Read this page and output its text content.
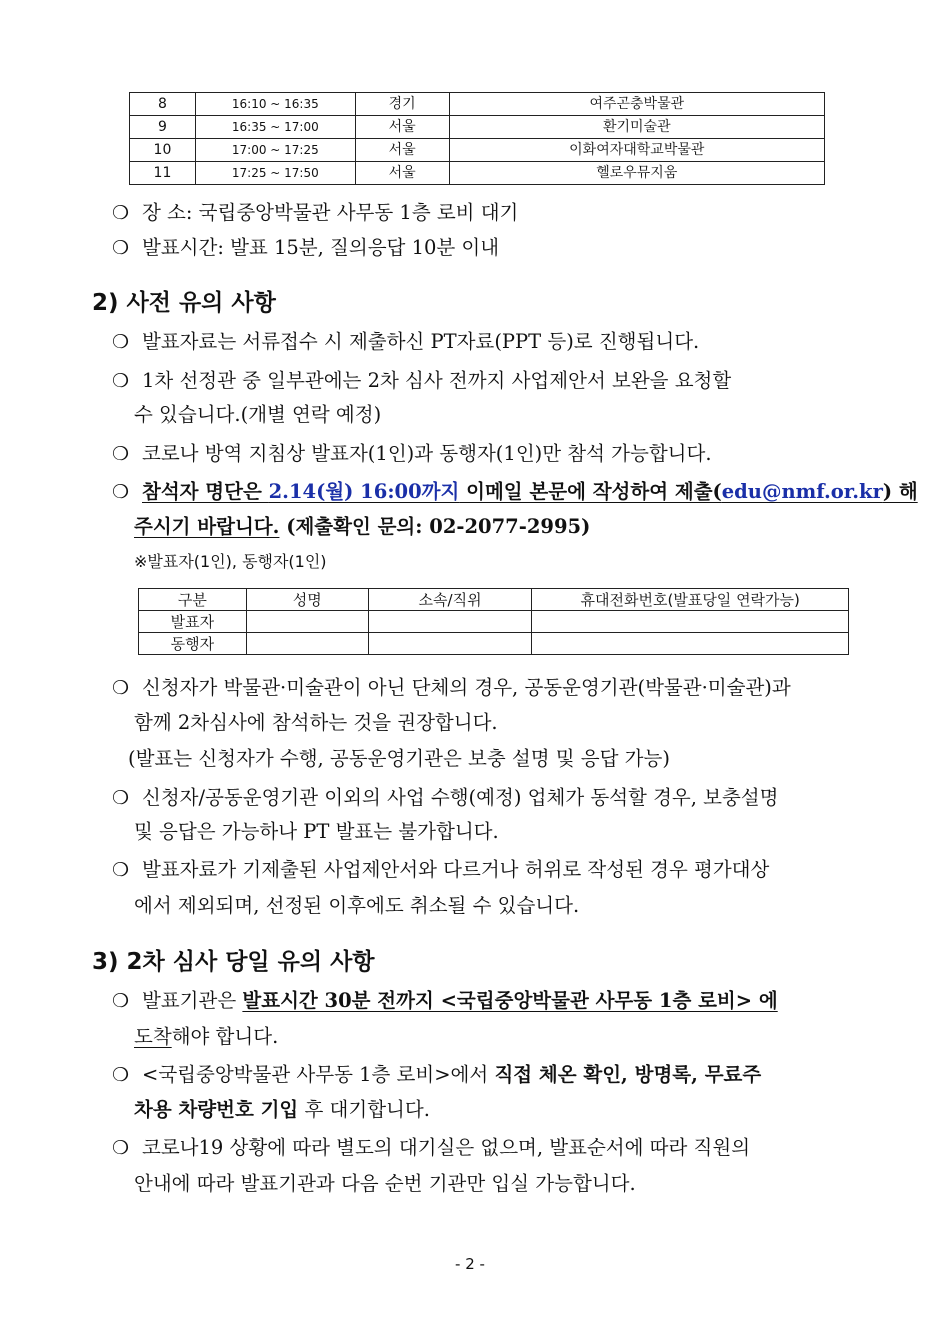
8	16:10 ~ 16:35	경기	여주곤충박물관
9	16:35 ~ 17:00	서울	환기미술관
10	17:00 ~ 17:25	서울	이화여자대학교박물관
11	17:25 ~ 17:50	서울	헬로우뮤지움
❍ 장 소: 국립중앙박물관 사무동 1층 로비 대기
❍ 발표시간: 발표 15분, 질의응답 10분 이내
2) 사전 유의 사항
❍ 발표자료는 서류접수 시 제출하신 PT자료(PPT 등)로 진행됩니다.
❍ 1차 선정관 중 일부관에는 2차 심사 전까지 사업제안서 보완을 요청할
수 있습니다.(개별 연락 예정)
❍ 코로나 방역 지침상 발표자(1인)과 동행자(1인)만 참석 가능합니다.
❍ 참석자 명단은 2.14(월) 16:00까지 이메일 본문에 작성하여 제출(edu@nmf.or.kr) 해
주시기 바랍니다. (제출확인 문의: 02-2077-2995)
※발표자(1인), 동행자(1인)
구분	성명	소속/직위	휴대전화번호(발표당일 연락가능)
발표자			
동행자			
❍ 신청자가 박물관·미술관이 아닌 단체의 경우, 공동운영기관(박물관·미술관)과
함께 2차심사에 참석하는 것을 권장합니다.
(발표는 신청자가 수행, 공동운영기관은 보충 설명 및 응답 가능)
❍ 신청자/공동운영기관 이외의 사업 수행(예정) 업체가 동석할 경우, 보충설명
및 응답은 가능하나 PT 발표는 불가합니다.
❍ 발표자료가 기제출된 사업제안서와 다르거나 허위로 작성된 경우 평가대상
에서 제외되며, 선정된 이후에도 취소될 수 있습니다.
3) 2차 심사 당일 유의 사항
❍ 발표기관은 발표시간 30분 전까지 <국립중앙박물관 사무동 1층 로비> 에
도착해야 합니다.
❍ <국립중앙박물관 사무동 1층 로비>에서 직접 체온 확인, 방명록, 무료주
차용 차량번호 기입 후 대기합니다.
❍ 코로나19 상황에 따라 별도의 대기실은 없으며, 발표순서에 따라 직원의
안내에 따라 발표기관과 다음 순번 기관만 입실 가능합니다.
- 2 -
